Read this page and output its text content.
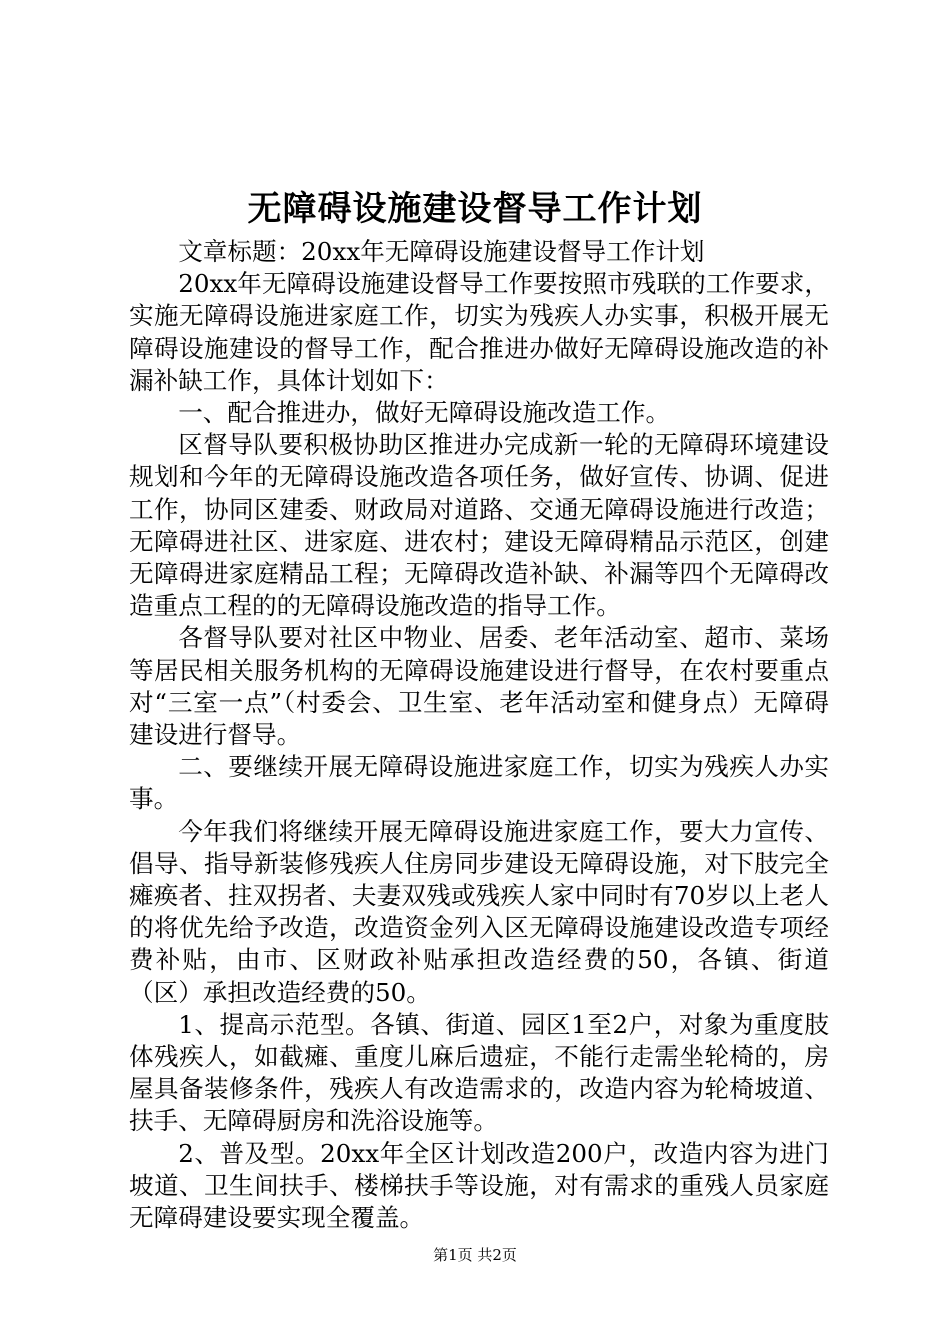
无障碍设施建设督导工作计划

文章标题：20xx年无障碍设施建设督导工作计划

20xx年无障碍设施建设督导工作要按照市残联的工作要求，实施无障碍设施进家庭工作，切实为残疾人办实事，积极开展无障碍设施建设的督导工作，配合推进办做好无障碍设施改造的补漏补缺工作，具体计划如下：

一、配合推进办，做好无障碍设施改造工作。

区督导队要积极协助区推进办完成新一轮的无障碍环境建设规划和今年的无障碍设施改造各项任务，做好宣传、协调、促进工作，协同区建委、财政局对道路、交通无障碍设施进行改造；无障碍进社区、进家庭、进农村；建设无障碍精品示范区，创建无障碍进家庭精品工程；无障碍改造补缺、补漏等四个无障碍改造重点工程的的无障碍设施改造的指导工作。

各督导队要对社区中物业、居委、老年活动室、超市、菜场等居民相关服务机构的无障碍设施建设进行督导，在农村要重点对“三室一点”（村委会、卫生室、老年活动室和健身点）无障碍建设进行督导。

二、要继续开展无障碍设施进家庭工作，切实为残疾人办实事。

今年我们将继续开展无障碍设施进家庭工作，要大力宣传、倡导、指导新装修残疾人住房同步建设无障碍设施，对下肢完全瘫痪者、拄双拐者、夫妻双残或残疾人家中同时有70岁以上老人的将优先给予改造，改造资金列入区无障碍设施建设改造专项经费补贴，由市、区财政补贴承担改造经费的50，各镇、街道（区）承担改造经费的50。

1、提高示范型。各镇、街道、园区1至2户，对象为重度肢体残疾人，如截瘫、重度儿麻后遗症，不能行走需坐轮椅的，房屋具备装修条件，残疾人有改造需求的，改造内容为轮椅坡道、扶手、无障碍厨房和洗浴设施等。

2、普及型。20xx年全区计划改造200户，改造内容为进门坡道、卫生间扶手、楼梯扶手等设施，对有需求的重残人员家庭无障碍建设要实现全覆盖。

第1页 共2页
